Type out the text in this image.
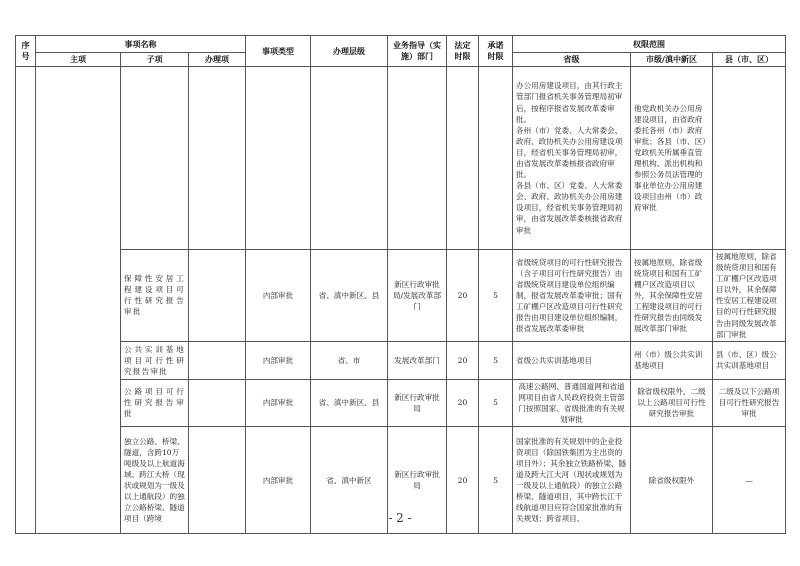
序
号	事项名称			事项类型	办理层级	业务指导（实施）部门	法定时限	承诺时限	权限范围		
	主项	子项	办理项						省级	市级/滇中新区	县（市、区）

									办公用房建设项目，由其行政主管部门报省机关事务管理局初审后，按程序报省发展改革委审批。
各州（市）党委、人大常委会、政府、政协机关办公用房建设项目，经省机关事务管理局初审，由省发展改革委核报省政府审批。
各县（市、区）党委、人大常委会、政府、政协机关办公用房建设项目，经省机关事务管理局初审，由省发展改革委核报省政府审批	他党政机关办公用房建设项目，由省政府委托各州（市）政府审批；各县（市、区）党政机关所属垂直管理机构、派出机构和参照公务员法管理的事业单位办公用房建设项目由州（市）政府审批	
		保障性安居工程建设项目可行性研究报告审批		内部审批	省、滇中新区、县	新区行政审批局/发展改革部门	20	5	省级统贷项目的可行性研究报告（含子项目可行性研究报告）由省级统贷项目建设单位组织编制，报省发展改革委审批；国有工矿棚户区改造项目可行性研究报告由项目建设单位组织编制，报省发展改革委审批	按属地原则，除省级统贷项目和国有工矿棚户区改造项目以外，其余保障性安居工程建设项目的可行性研究报告由同级发展改革部门审批	按属地原则，除省级统贷项目和国有工矿棚户区改造项目以外，其余保障性安居工程建设项目的可行性研究报告由同级发展改革部门审批
		公共实训基地项目可行性研究报告审批		内部审批	省、市	发展改革部门	20	5	省级公共实训基地项目	州（市）级公共实训基地项目	县（市、区）级公共实训基地项目
		公路项目可行性研究报告审批		内部审批	省、滇中新区、县	新区行政审批局	20	5	高速公路网、普通国道网和省道网项目由省人民政府投资主管部门按照国家、省级批准的有关规划审批	除省级权限外，二级以上公路项目可行性研究报告审批	二级及以下公路项目可行性研究报告审批
		独立公路、桥梁、隧道，含跨10万吨级及以上航道海域、跨江大桥（现状或规划为一级及以上通航段）的独立公路桥梁、隧道项目（跨境		内部审批	省、滇中新区	新区行政审批局	20	5	国家批准的有关规划中的企业投资项目（除国铁集团为主出资的项目外）；其余独立铁路桥梁、隧道及跨大江大河（现状或规划为一级及以上通航段）的独立公路桥梁、隧道项目，其中跨长江干线航道项目应符合国家批准的有关规划；跨省项目、	除省级权限外	—
- 2 -
